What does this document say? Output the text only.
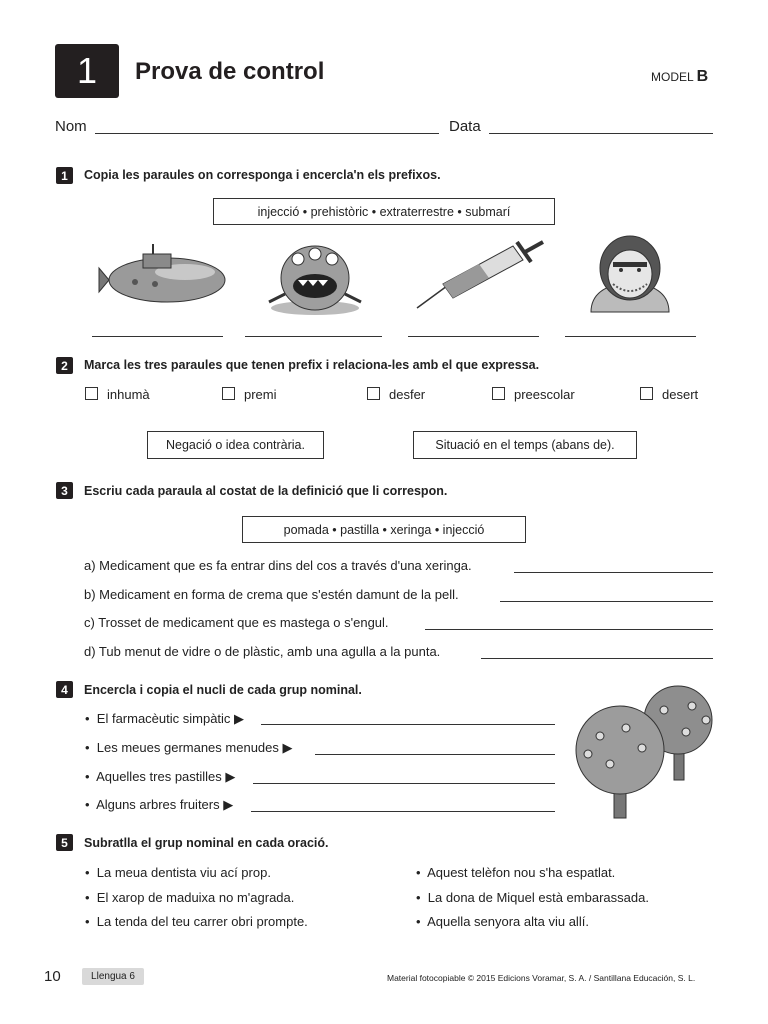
1	Prova de control	MODEL B
Nom	Data
1	Copia les paraules on corresponga i encercla'n els prefixos.
injecció • prehistòric • extraterrestre • submarí
2	Marca les tres paraules que tenen prefix i relaciona-les amb el que expressa.
inhumà	premi	desfer	preescolar	desert
Negació o idea contrària.	Situació en el temps (abans de).
3	Escriu cada paraula al costat de la definició que li correspon.
pomada • pastilla • xeringa • injecció
a) Medicament que es fa entrar dins del cos a través d'una xeringa.
b) Medicament en forma de crema que s'estén damunt de la pell.
c) Trosset de medicament que es mastega o s'engul.
d) Tub menut de vidre o de plàstic, amb una agulla a la punta.
4	Encercla i copia el nucli de cada grup nominal.
•  El farmacèutic simpàtic ▶
•  Les meues germanes menudes ▶
•  Aquelles tres pastilles ▶
•  Alguns arbres fruiters ▶
5	Subratlla el grup nominal en cada oració.
•  La meua dentista viu ací prop.
•  El xarop de maduixa no m'agrada.
•  La tenda del teu carrer obri prompte.
•  Aquest telèfon nou s'ha espatlat.
•  La dona de Miquel està embarassada.
•  Aquella senyora alta viu allí.
10	Llengua 6	Material fotocopiable © 2015 Edicions Voramar, S. A. / Santillana Educación, S. L.
